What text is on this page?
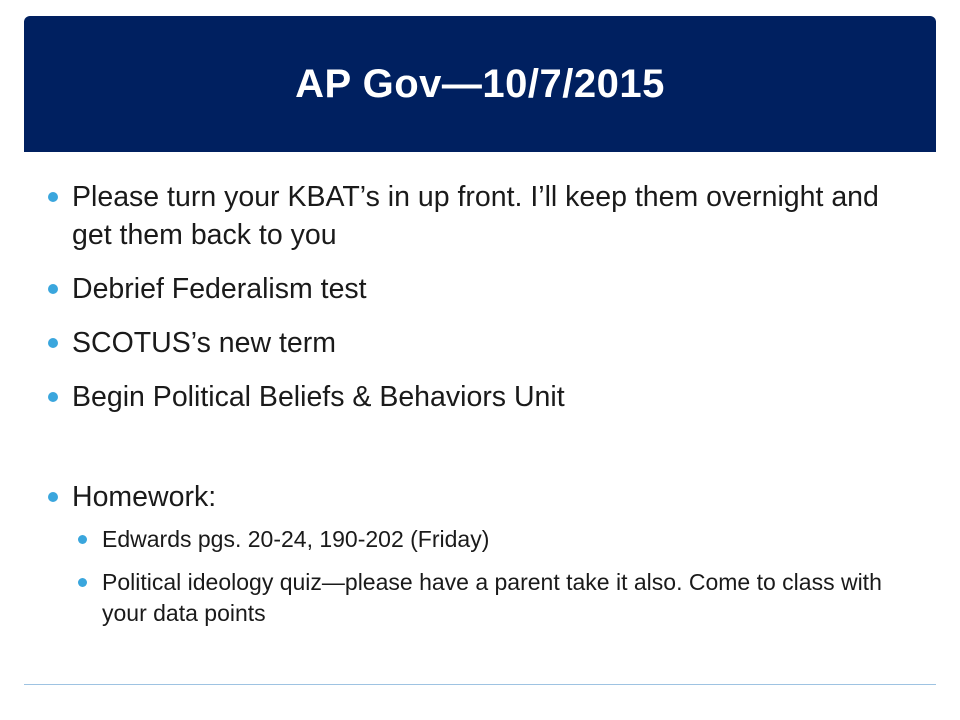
AP Gov—10/7/2015
Please turn your KBAT’s in up front. I’ll keep them overnight and get them back to you
Debrief Federalism test
SCOTUS’s new term
Begin Political Beliefs & Behaviors Unit
Homework:
Edwards pgs. 20-24, 190-202 (Friday)
Political ideology quiz—please have a parent take it also. Come to class with your data points
